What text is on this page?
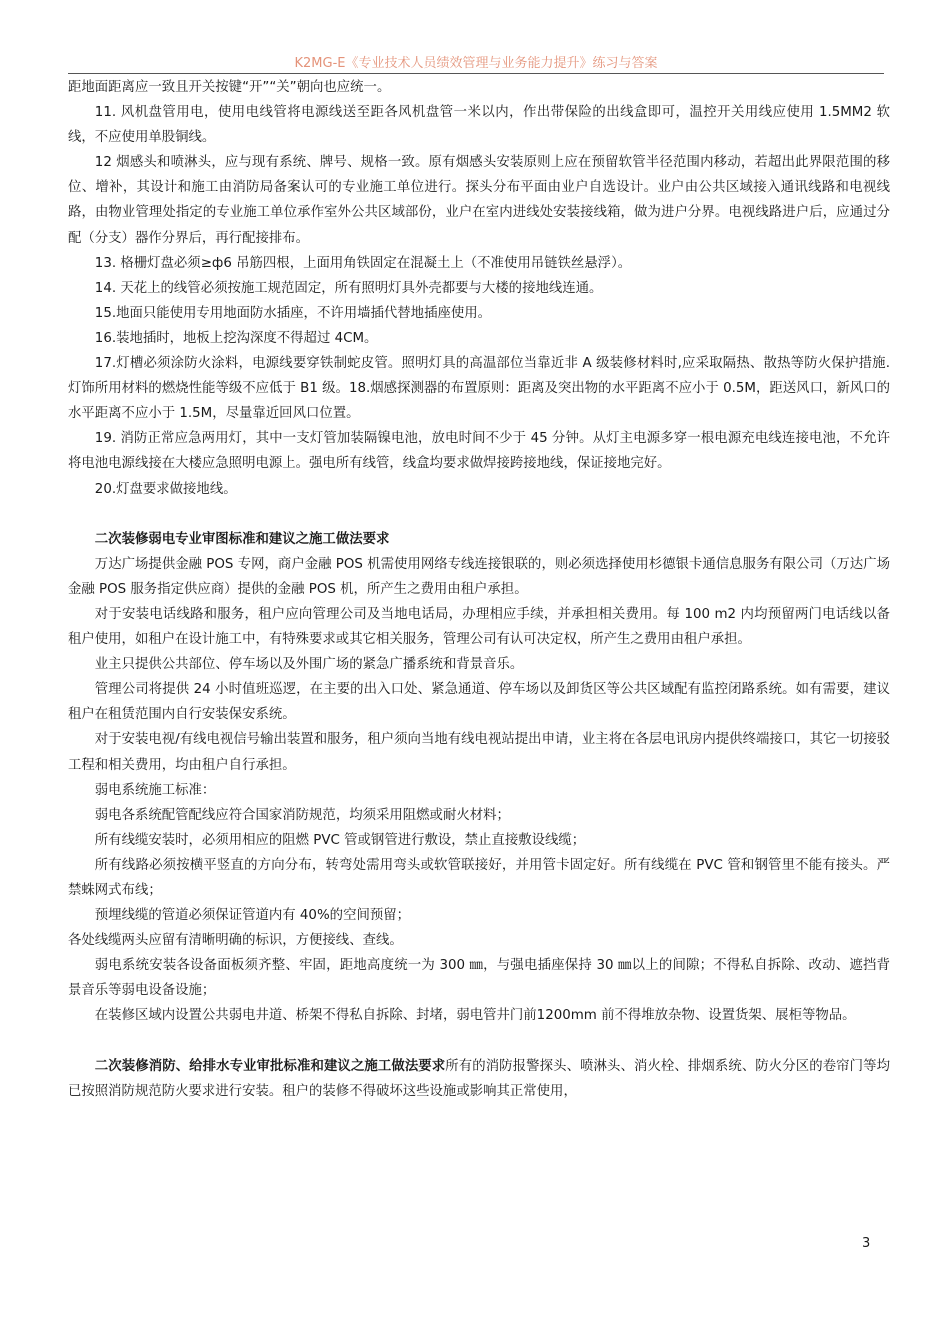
K2MG-E《专业技术人员绩效管理与业务能力提升》练习与答案

距地面距离应一致且开关按键“开”“关”朝向也应统一。

11. 风机盘管用电，使用电线管将电源线送至距各风机盘管一米以内，作出带保险的出线盒即可，温控开关用线应使用 1.5MM2 软线，不应使用单股铜线。

12 烟感头和喷淋头，应与现有系统、牌号、规格一致。原有烟感头安装原则上应在预留软管半径范围内移动，若超出此界限范围的移位、增补，其设计和施工由消防局备案认可的专业施工单位进行。探头分布平面由业户自选设计。业户由公共区域接入通讯线路和电视线路，由物业管理处指定的专业施工单位承作室外公共区域部份，业户在室内进线处安装接线箱，做为进户分界。电视线路进户后，应通过分配（分支）器作分界后，再行配接排布。

13. 格栅灯盘必须≥ф6 吊筋四根，上面用角铁固定在混凝土上（不准使用吊链铁丝悬浮）。

14. 天花上的线管必须按施工规范固定，所有照明灯具外壳都要与大楼的接地线连通。

15.地面只能使用专用地面防水插座，不许用墙插代替地插座使用。

16.装地插时，地板上挖沟深度不得超过 4CM。

17.灯槽必须涂防火涂料，电源线要穿铁制蛇皮管。照明灯具的高温部位当靠近非 A 级装修材料时,应采取隔热、散热等防火保护措施.灯饰所用材料的燃烧性能等级不应低于 B1 级。18.烟感探测器的布置原则：距离及突出物的水平距离不应小于 0.5M，距送风口，新风口的水平距离不应小于 1.5M，尽量靠近回风口位置。

19. 消防正常应急两用灯，其中一支灯管加装隔镍电池，放电时间不少于 45 分钟。从灯主电源多穿一根电源充电线连接电池，不允许将电池电源线接在大楼应急照明电源上。强电所有线管，线盒均要求做焊接跨接地线，保证接地完好。

20.灯盘要求做接地线。

二次装修弱电专业审图标准和建议之施工做法要求

万达广场提供金融 POS 专网，商户金融 POS 机需使用网络专线连接银联的，则必须选择使用杉德银卡通信息服务有限公司（万达广场金融 POS 服务指定供应商）提供的金融 POS 机，所产生之费用由租户承担。

对于安装电话线路和服务，租户应向管理公司及当地电话局，办理相应手续，并承担相关费用。每 100 m2 内均预留两门电话线以备租户使用，如租户在设计施工中，有特殊要求或其它相关服务，管理公司有认可决定权，所产生之费用由租户承担。

业主只提供公共部位、停车场以及外围广场的紧急广播系统和背景音乐。

管理公司将提供 24 小时值班巡逻，在主要的出入口处、紧急通道、停车场以及卸货区等公共区域配有监控闭路系统。如有需要，建议租户在租赁范围内自行安装保安系统。

对于安装电视/有线电视信号输出装置和服务，租户须向当地有线电视站提出申请，业主将在各层电讯房内提供终端接口，其它一切接驳工程和相关费用，均由租户自行承担。

弱电系统施工标准：

弱电各系统配管配线应符合国家消防规范，均须采用阻燃或耐火材料；

所有线缆安装时，必须用相应的阻燃 PVC 管或钢管进行敷设，禁止直接敷设线缆；

所有线路必须按横平竖直的方向分布，转弯处需用弯头或软管联接好，并用管卡固定好。所有线缆在 PVC 管和钢管里不能有接头。严禁蛛网式布线；

预埋线缆的管道必须保证管道内有 40%的空间预留；

各处线缆两头应留有清晰明确的标识，方便接线、查线。

弱电系统安装各设备面板须齐整、牢固，距地高度统一为 300 ㎜，与强电插座保持 30 ㎜以上的间隙；不得私自拆除、改动、遮挡背景音乐等弱电设备设施；

在装修区域内设置公共弱电井道、桥架不得私自拆除、封堵，弱电管井门前1200mm 前不得堆放杂物、设置货架、展柜等物品。

二次装修消防、给排水专业审批标准和建议之施工做法要求所有的消防报警探头、喷淋头、消火栓、排烟系统、防火分区的卷帘门等均已按照消防规范防火要求进行安装。租户的装修不得破坏这些设施或影响其正常使用，

3
